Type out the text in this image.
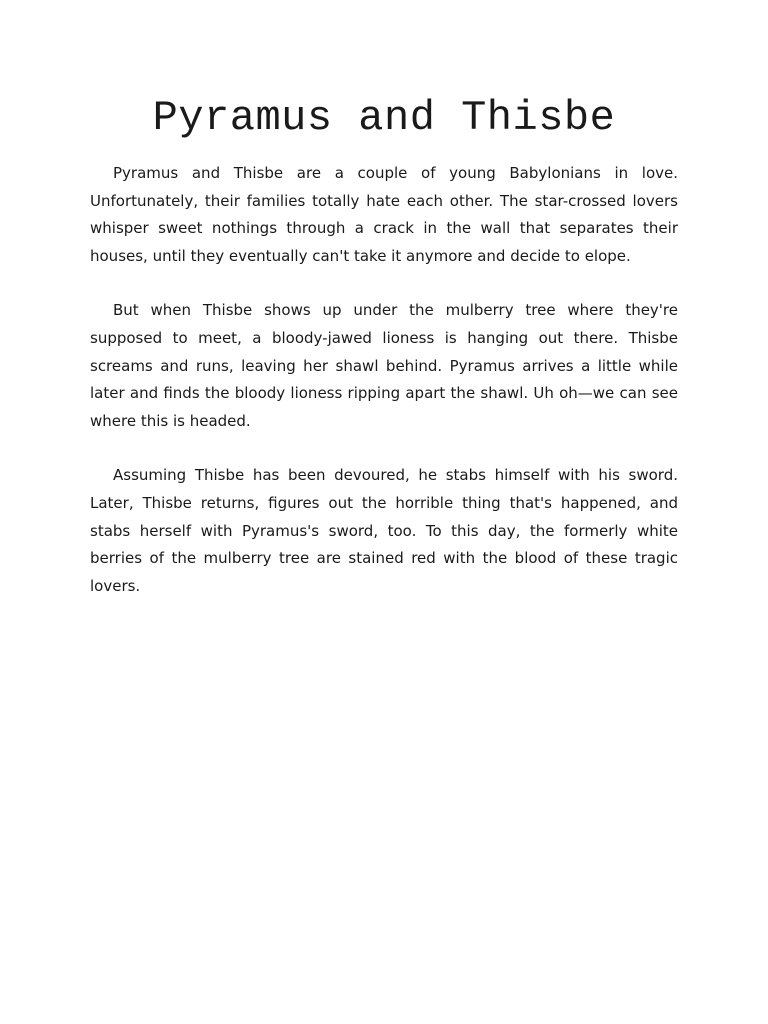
Pyramus and Thisbe

Pyramus and Thisbe are a couple of young Babylonians in love. Unfortunately, their families totally hate each other. The star-crossed lovers whisper sweet nothings through a crack in the wall that separates their houses, until they eventually can't take it anymore and decide to elope.

But when Thisbe shows up under the mulberry tree where they're supposed to meet, a bloody-jawed lioness is hanging out there. Thisbe screams and runs, leaving her shawl behind. Pyramus arrives a little while later and finds the bloody lioness ripping apart the shawl. Uh oh—we can see where this is headed.

Assuming Thisbe has been devoured, he stabs himself with his sword. Later, Thisbe returns, figures out the horrible thing that's happened, and stabs herself with Pyramus's sword, too. To this day, the formerly white berries of the mulberry tree are stained red with the blood of these tragic lovers.
